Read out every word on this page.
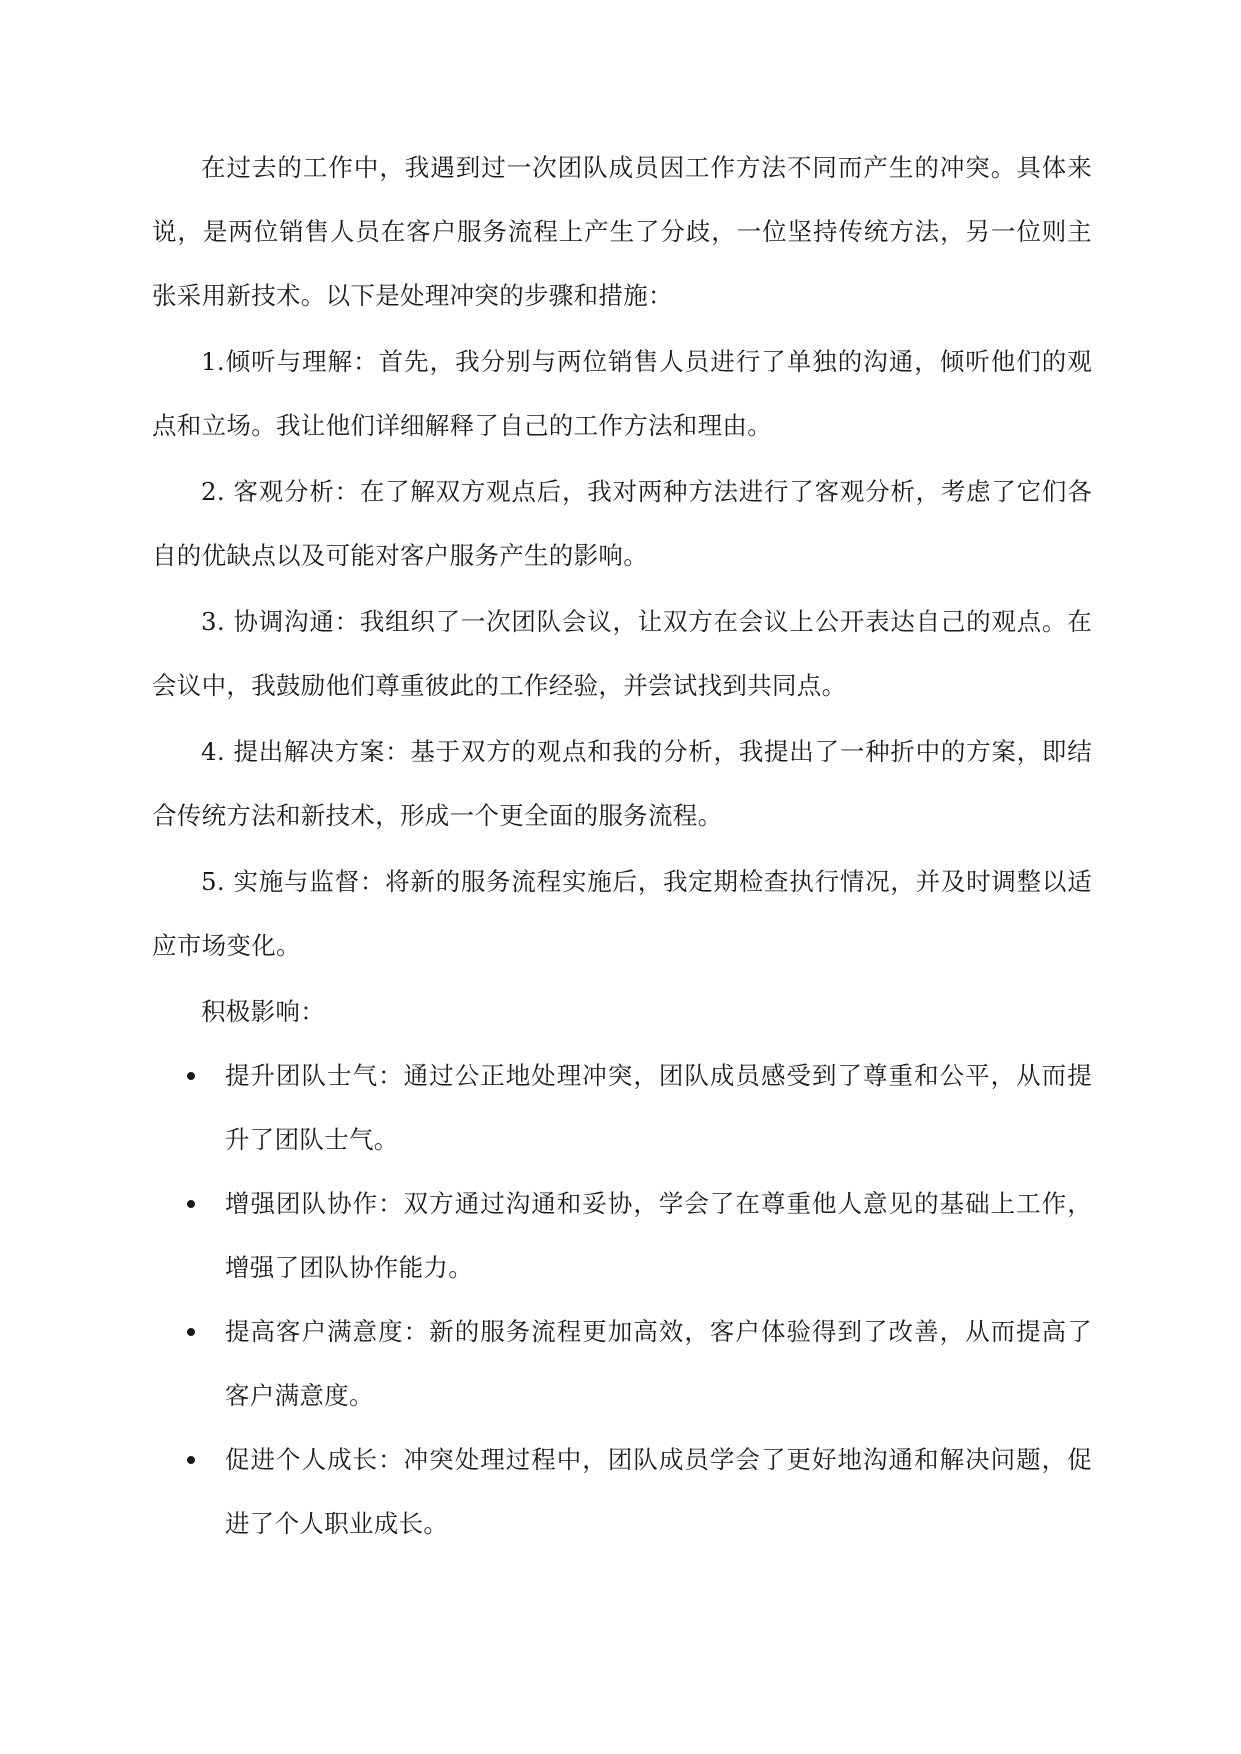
在过去的工作中，我遇到过一次团队成员因工作方法不同而产生的冲突。具体来说，是两位销售人员在客户服务流程上产生了分歧，一位坚持传统方法，另一位则主张采用新技术。以下是处理冲突的步骤和措施：

1.倾听与理解：首先，我分别与两位销售人员进行了单独的沟通，倾听他们的观点和立场。我让他们详细解释了自己的工作方法和理由。

2. 客观分析：在了解双方观点后，我对两种方法进行了客观分析，考虑了它们各自的优缺点以及可能对客户服务产生的影响。

3. 协调沟通：我组织了一次团队会议，让双方在会议上公开表达自己的观点。在会议中，我鼓励他们尊重彼此的工作经验，并尝试找到共同点。

4. 提出解决方案：基于双方的观点和我的分析，我提出了一种折中的方案，即结合传统方法和新技术，形成一个更全面的服务流程。

5. 实施与监督：将新的服务流程实施后，我定期检查执行情况，并及时调整以适应市场变化。

积极影响：

提升团队士气：通过公正地处理冲突，团队成员感受到了尊重和公平，从而提升了团队士气。
增强团队协作：双方通过沟通和妥协，学会了在尊重他人意见的基础上工作，增强了团队协作能力。
提高客户满意度：新的服务流程更加高效，客户体验得到了改善，从而提高了客户满意度。
促进个人成长：冲突处理过程中，团队成员学会了更好地沟通和解决问题，促进了个人职业成长。
